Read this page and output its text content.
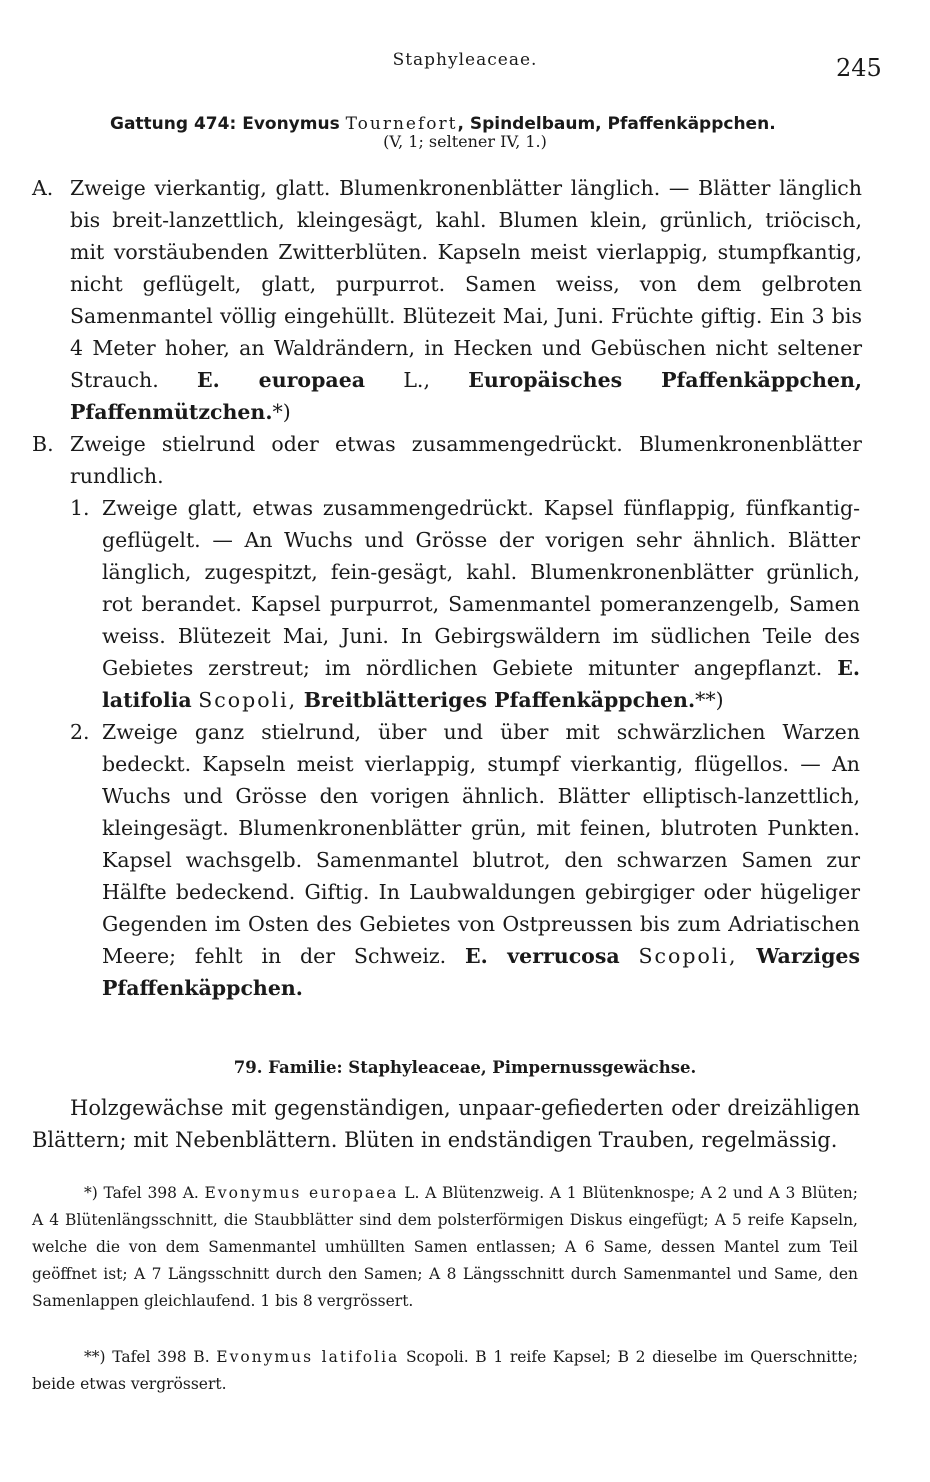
Staphyleaceae.	245
Gattung 474: Evonymus Tournefort, Spindelbaum, Pfaffenkäppchen.
(V, 1; seltener IV, 1.)
A. Zweige vierkantig, glatt. Blumenkronenblätter länglich. — Blätter länglich bis breit-lanzettlich, kleingesägt, kahl. Blumen klein, grünlich, triöcisch, mit vorstäubenden Zwitterblüten. Kapseln meist vierlappig, stumpfkantig, nicht geflügelt, glatt, purpurrot. Samen weiss, von dem gelbroten Samenmantel völlig eingehüllt. Blütezeit Mai, Juni. Früchte giftig. Ein 3 bis 4 Meter hoher, an Waldrändern, in Hecken und Gebüschen nicht seltener Strauch. E. europaea L., Europäisches Pfaffenkäppchen, Pfaffenmützchen.*)
B. Zweige stielrund oder etwas zusammengedrückt. Blumenkronenblätter rundlich.
1. Zweige glatt, etwas zusammengedrückt. Kapsel fünflappig, fünfkantig-geflügelt. — An Wuchs und Grösse der vorigen sehr ähnlich. Blätter länglich, zugespitzt, fein-gesägt, kahl. Blumenkronenblätter grünlich, rot berandet. Kapsel purpurrot, Samenmantel pomeranzengelb, Samen weiss. Blütezeit Mai, Juni. In Gebirgswäldern im südlichen Teile des Gebietes zerstreut; im nördlichen Gebiete mitunter angepflanzt. E. latifolia Scopoli, Breitblätteriges Pfaffenkäppchen.**)
2. Zweige ganz stielrund, über und über mit schwärzlichen Warzen bedeckt. Kapseln meist vierlappig, stumpf vierkantig, flügellos. — An Wuchs und Grösse den vorigen ähnlich. Blätter elliptisch-lanzettlich, kleingesägt. Blumenkronenblätter grün, mit feinen, blutroten Punkten. Kapsel wachsgelb. Samenmantel blutrot, den schwarzen Samen zur Hälfte bedeckend. Giftig. In Laubwaldungen gebirgiger oder hügeliger Gegenden im Osten des Gebietes von Ostpreussen bis zum Adriatischen Meere; fehlt in der Schweiz. E. verrucosa Scopoli, Warziges Pfaffenkäppchen.
79. Familie: Staphyleaceae, Pimpernussgewächse.
Holzgewächse mit gegenständigen, unpaar-gefiederten oder dreizähligen Blättern; mit Nebenblättern. Blüten in endständigen Trauben, regelmässig.
*) Tafel 398 A. Evonymus europaea L. A Blütenzweig. A 1 Blütenknospe; A 2 und A 3 Blüten; A 4 Blütenlängsschnitt, die Staubblätter sind dem polsterförmigen Diskus eingefügt; A 5 reife Kapseln, welche die von dem Samenmantel umhüllten Samen entlassen; A 6 Same, dessen Mantel zum Teil geöffnet ist; A 7 Längsschnitt durch den Samen; A 8 Längsschnitt durch Samenmantel und Same, den Samenlappen gleichlaufend. 1 bis 8 vergrössert.
**) Tafel 398 B. Evonymus latifolia Scopoli. B 1 reife Kapsel; B 2 dieselbe im Querschnitte; beide etwas vergrössert.
